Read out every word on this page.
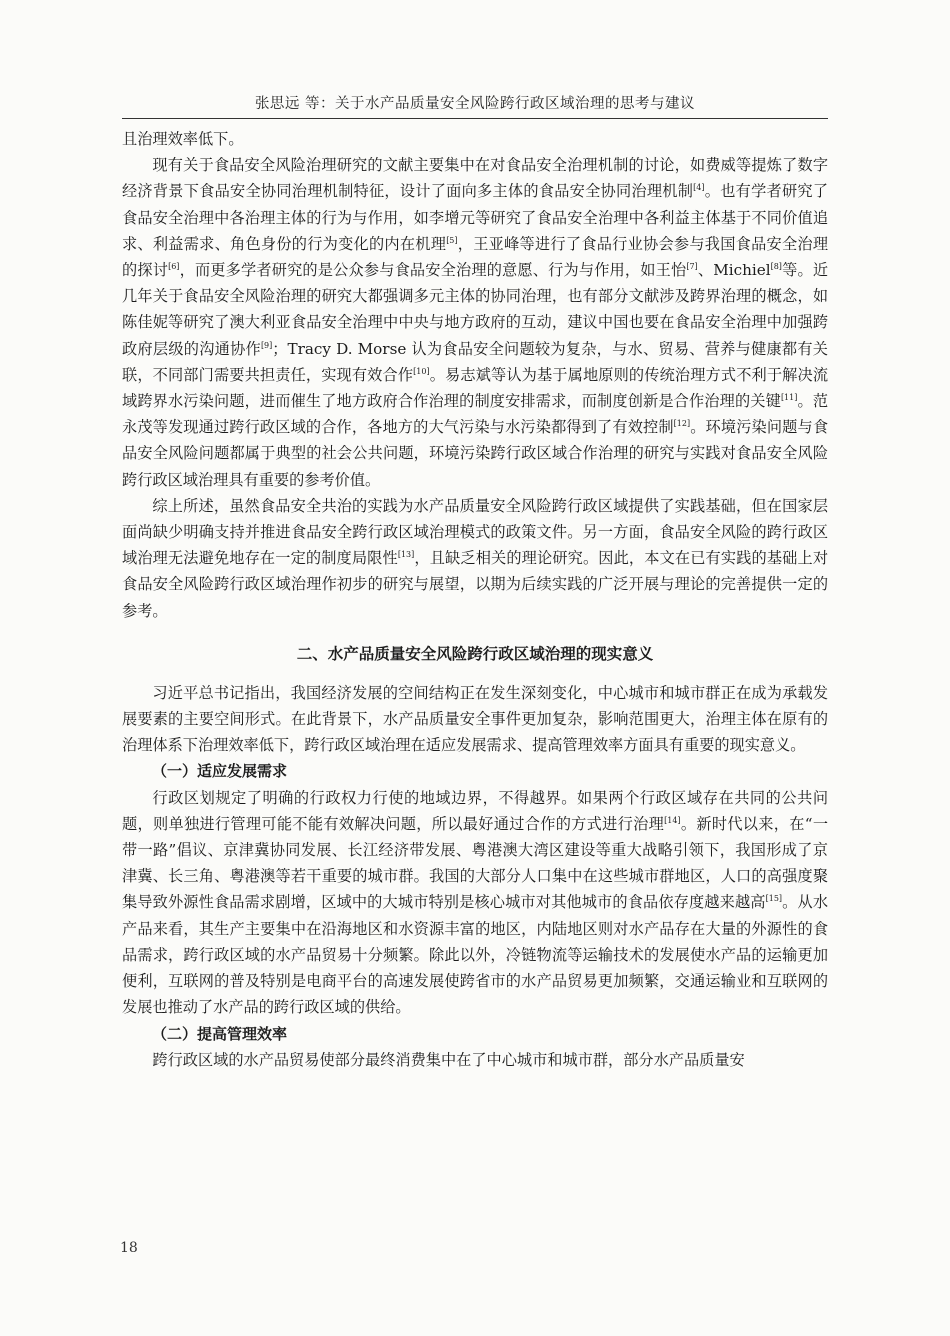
张思远 等：关于水产品质量安全风险跨行政区域治理的思考与建议

且治理效率低下。

现有关于食品安全风险治理研究的文献主要集中在对食品安全治理机制的讨论，如费威等提炼了数字经济背景下食品安全协同治理机制特征，设计了面向多主体的食品安全协同治理机制[4]。也有学者研究了食品安全治理中各治理主体的行为与作用，如李增元等研究了食品安全治理中各利益主体基于不同价值追求、利益需求、角色身份的行为变化的内在机理[5]，王亚峰等进行了食品行业协会参与我国食品安全治理的探讨[6]，而更多学者研究的是公众参与食品安全治理的意愿、行为与作用，如王怡[7]、Michiel[8]等。近几年关于食品安全风险治理的研究大都强调多元主体的协同治理，也有部分文献涉及跨界治理的概念，如陈佳妮等研究了澳大利亚食品安全治理中中央与地方政府的互动，建议中国也要在食品安全治理中加强跨政府层级的沟通协作[9]；Tracy D. Morse 认为食品安全问题较为复杂，与水、贸易、营养与健康都有关联，不同部门需要共担责任，实现有效合作[10]。易志斌等认为基于属地原则的传统治理方式不利于解决流域跨界水污染问题，进而催生了地方政府合作治理的制度安排需求，而制度创新是合作治理的关键[11]。范永茂等发现通过跨行政区域的合作，各地方的大气污染与水污染都得到了有效控制[12]。环境污染问题与食品安全风险问题都属于典型的社会公共问题，环境污染跨行政区域合作治理的研究与实践对食品安全风险跨行政区域治理具有重要的参考价值。

综上所述，虽然食品安全共治的实践为水产品质量安全风险跨行政区域提供了实践基础，但在国家层面尚缺少明确支持并推进食品安全跨行政区域治理模式的政策文件。另一方面，食品安全风险的跨行政区域治理无法避免地存在一定的制度局限性[13]，且缺乏相关的理论研究。因此，本文在已有实践的基础上对食品安全风险跨行政区域治理作初步的研究与展望，以期为后续实践的广泛开展与理论的完善提供一定的参考。

二、水产品质量安全风险跨行政区域治理的现实意义

习近平总书记指出，我国经济发展的空间结构正在发生深刻变化，中心城市和城市群正在成为承载发展要素的主要空间形式。在此背景下，水产品质量安全事件更加复杂，影响范围更大，治理主体在原有的治理体系下治理效率低下，跨行政区域治理在适应发展需求、提高管理效率方面具有重要的现实意义。

（一）适应发展需求

行政区划规定了明确的行政权力行使的地域边界，不得越界。如果两个行政区域存在共同的公共问题，则单独进行管理可能不能有效解决问题，所以最好通过合作的方式进行治理[14]。新时代以来，在“一带一路”倡议、京津冀协同发展、长江经济带发展、粤港澳大湾区建设等重大战略引领下，我国形成了京津冀、长三角、粤港澳等若干重要的城市群。我国的大部分人口集中在这些城市群地区，人口的高强度聚集导致外源性食品需求剧增，区域中的大城市特别是核心城市对其他城市的食品依存度越来越高[15]。从水产品来看，其生产主要集中在沿海地区和水资源丰富的地区，内陆地区则对水产品存在大量的外源性的食品需求，跨行政区域的水产品贸易十分频繁。除此以外，冷链物流等运输技术的发展使水产品的运输更加便利，互联网的普及特别是电商平台的高速发展使跨省市的水产品贸易更加频繁，交通运输业和互联网的发展也推动了水产品的跨行政区域的供给。

（二）提高管理效率

跨行政区域的水产品贸易使部分最终消费集中在了中心城市和城市群，部分水产品质量安

18
